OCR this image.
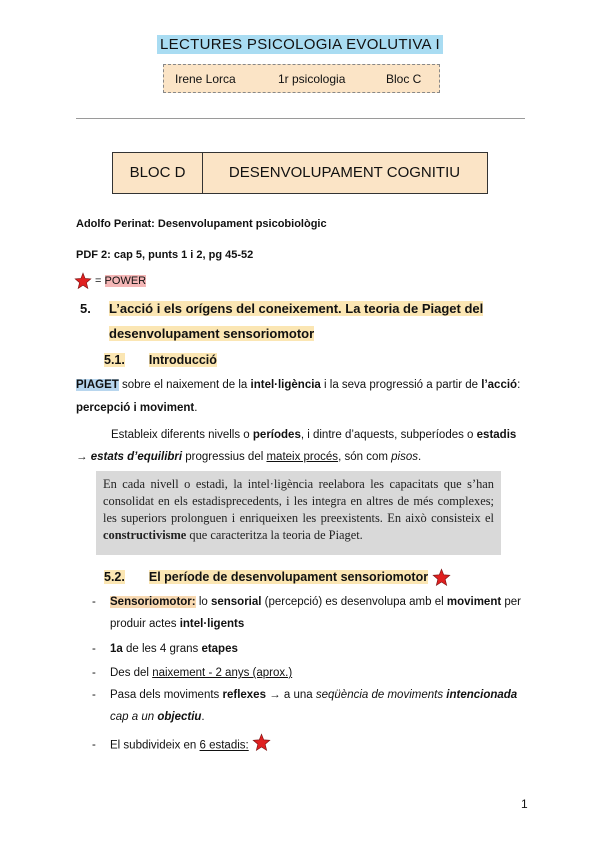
LECTURES PSICOLOGIA EVOLUTIVA I
Irene Lorca	1r psicologia	Bloc C
BLOC D	DESENVOLUPAMENT COGNITIU
Adolfo Perinat: Desenvolupament psicobiològic
PDF 2: cap 5, punts 1 i 2, pg 45-52
= POWER
5. L’acció i els orígens del coneixement. La teoria de Piaget del
desenvolupament sensoriomotor
5.1. Introducció
PIAGET sobre el naixement de la intel·ligència i la seva progressió a partir de l’acció:
percepció i moviment.
Estableix diferents nivells o períodes, i dintre d’aquests, subperíodes o estadis
→ estats d’equilibri progressius del mateix procés, són com pisos.
En cada nivell o estadi, la intel·ligència reelabora les capacitats que s’han consolidat en els estadisprecedents, i les integra en altres de més complexes; les superiors prolonguen i enriqueixen les preexistents. En això consisteix el constructivisme que caracteritza la teoria de Piaget.
5.2. El període de desenvolupament sensoriomotor
- Sensoriomotor: lo sensorial (percepció) es desenvolupa amb el moviment per
produir actes intel·ligents
- 1a de les 4 grans etapes
- Des del naixement - 2 anys (aprox.)
- Pasa dels moviments reflexes → a una seqüència de moviments intencionada
cap a un objectiu.
- El subdivideix en 6 estadis:
1
